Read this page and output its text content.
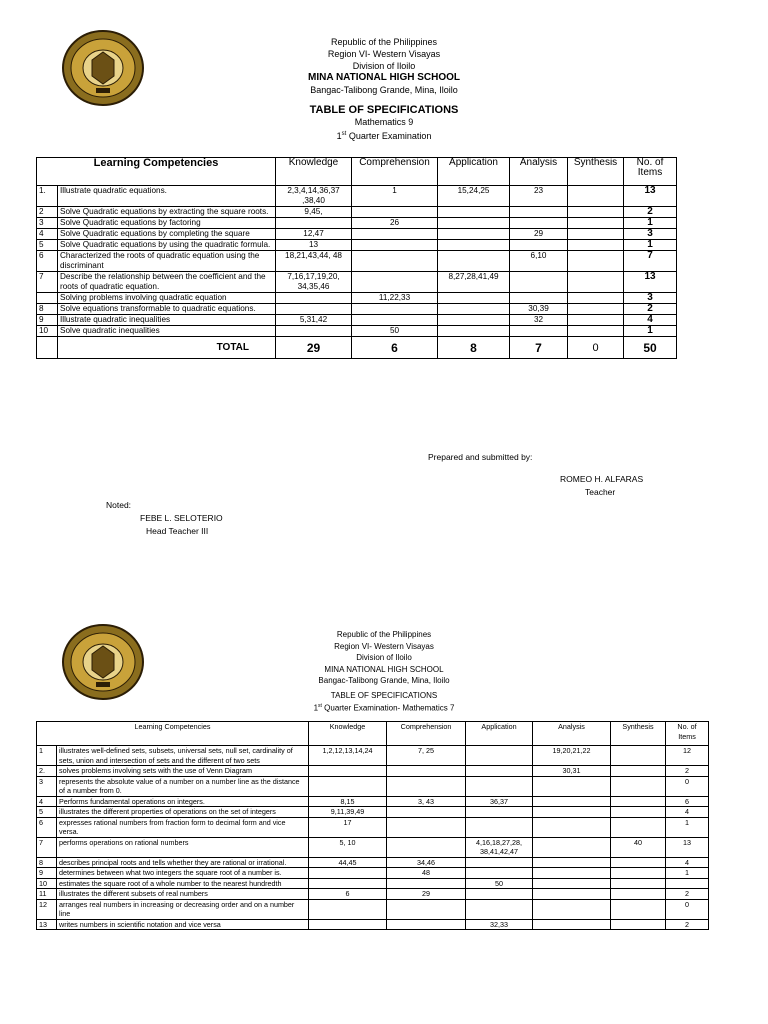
Republic of the Philippines
Region VI- Western Visayas
Division of Iloilo
MINA NATIONAL HIGH SCHOOL
Bangac-Talibong Grande, Mina, Iloilo
TABLE OF SPECIFICATIONS
Mathematics 9
1st Quarter Examination
Learning Competencies		Knowledge	Comprehension	Application	Analysis	Synthesis	No. of Items
1.	Illustrate quadratic equations.	2,3,4,14,36,37 ,38,40	1	15,24,25	23		13
2	Solve Quadratic equations by extracting the square roots.	9,45,					2
3	Solve Quadratic equations by factoring		26				1
4	Solve Quadratic equations by completing the square	12,47			29		3
5	Solve Quadratic equations by using the quadratic formula.	13					1
6	Characterized the roots of quadratic equation using the discriminant	18,21,43,44, 48			6,10		7
7	Describe the relationship between the coefficient and the roots of quadratic equation.	7,16,17,19,20, 34,35,46		8,27,28,41,49			13
	Solving problems involving quadratic equation		11,22,33				3
8	Solve equations transformable to quadratic equations.				30,39		2
9	Illustrate quadratic inequalities	5,31,42			32		4
10	Solve quadratic inequalities		50				1
	TOTAL	29	6	8	7	0	50
Prepared and submitted by:
ROMEO H. ALFARAS
Teacher
Noted:
FEBE L. SELOTERIO
Head Teacher III
Republic of the Philippines
Region VI- Western Visayas
Division of Iloilo
MINA NATIONAL HIGH SCHOOL
Bangac-Talibong Grande, Mina, Iloilo
TABLE OF SPECIFICATIONS
1st Quarter Examination- Mathematics 7
Learning Competencies		Knowledge	Comprehension	Application	Analysis	Synthesis	No. of Items
1	illustrates well-defined sets, subsets, universal sets, null set, cardinality of sets, union and intersection of sets and the different of two sets	1,2,12,13,14,24	7, 25		19,20,21,22		12
2.	solves problems involving sets with the use of Venn Diagram				30,31		2
3	represents the absolute value of a number on a number line as the distance of a number from 0.						0
4	Performs fundamental operations on integers.	8,15	3, 43	36,37			6
5	illustrates the different properties of operations on the set of integers	9,11,39,49					4
6	expresses rational numbers from fraction form to decimal form and vice versa.	17					1
7	performs operations on rational numbers	5, 10		4,16,18,27,28, 38,41,42,47		40	13
8	describes principal roots and tells whether they are rational or irrational.	44,45	34,46				4
9	determines between what two integers the square root of a number is.		48				1
10	estimates the square root of a whole number to the nearest hundredth			50			
11	illustrates the different subsets of real numbers	6	29				2
12	arranges real numbers in increasing or decreasing order and on a number line						0
13	writes numbers in scientific notation and vice versa			32,33			2
